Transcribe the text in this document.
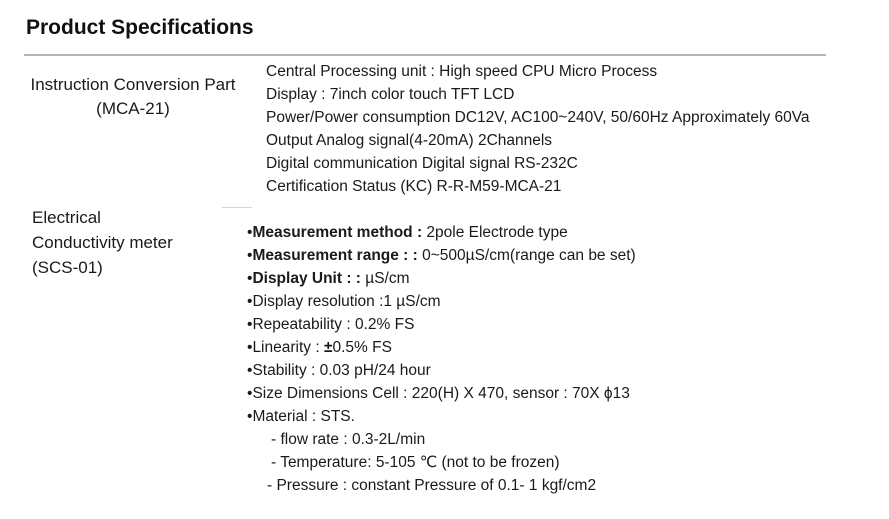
Product Specifications
Instruction Conversion Part
(MCA-21)
Central Processing unit : High speed CPU Micro Process
Display : 7inch color touch TFT LCD
Power/Power consumption DC12V, AC100~240V, 50/60Hz Approximately 60Va
Output Analog signal(4-20mA) 2Channels
Digital communication Digital signal RS-232C
Certification Status (KC) R-R-M59-MCA-21
Electrical
Conductivity meter
(SCS-01)
•Measurement method : 2pole Electrode type
•Measurement range : : 0~500µS/cm(range can be set)
•Display Unit : : µS/cm
•Display resolution :1 µS/cm
•Repeatability : 0.2% FS
•Linearity : ±0.5% FS
•Stability : 0.03 pH/24 hour
•Size Dimensions Cell : 220(H) X 470, sensor : 70X ϕ13
•Material : STS.
- flow rate : 0.3-2L/min
- Temperature: 5-105 ℃ (not to be frozen)
- Pressure : constant Pressure of 0.1- 1 kgf/cm2
